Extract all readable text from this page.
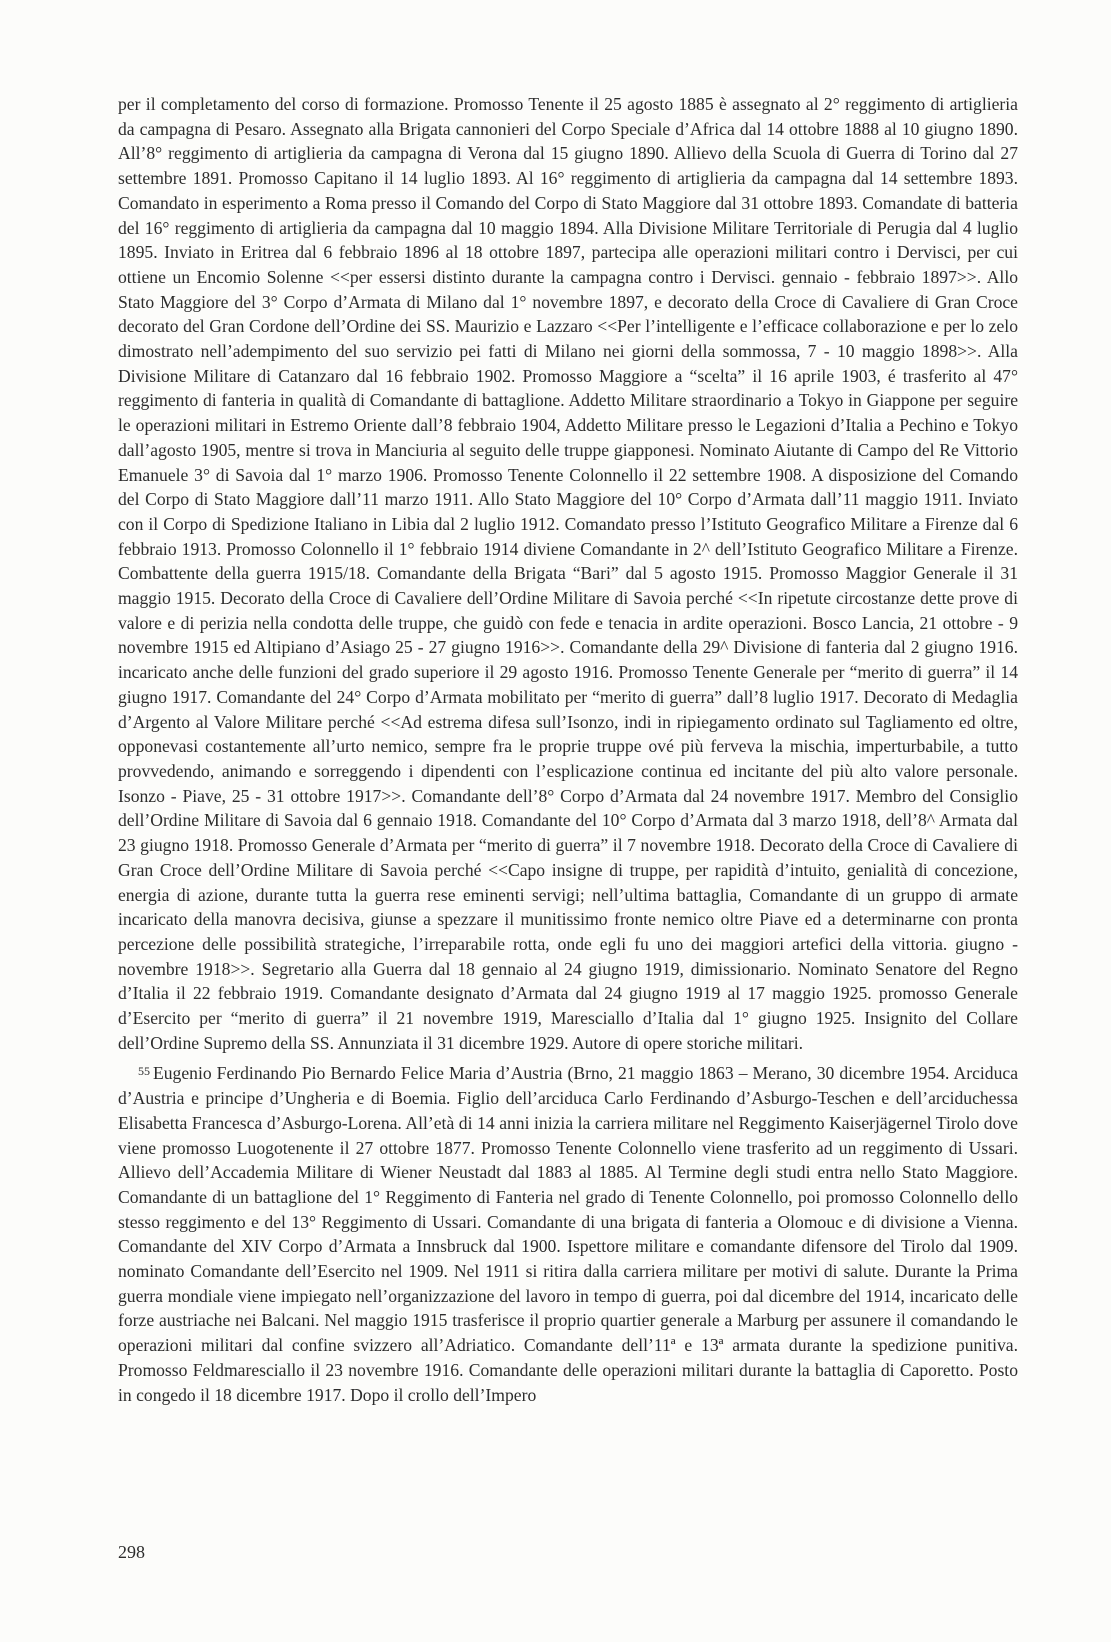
per il completamento del corso di formazione. Promosso Tenente il 25 agosto 1885 è assegnato al 2° reggimento di artiglieria da campagna di Pesaro. Assegnato alla Brigata cannonieri del Corpo Speciale d’Africa dal 14 ottobre 1888 al 10 giugno 1890. All’8° reggimento di artiglieria da campagna di Verona dal 15 giugno 1890. Allievo della Scuola di Guerra di Torino dal 27 settembre 1891. Promosso Capitano il 14 luglio 1893. Al 16° reggimento di artiglieria da campagna dal 14 settembre 1893. Comandato in esperimento a Roma presso il Comando del Corpo di Stato Maggiore dal 31 ottobre 1893. Comandate di batteria del 16° reggimento di artiglieria da campagna dal 10 maggio 1894. Alla Divisione Militare Territoriale di Perugia dal 4 luglio 1895. Inviato in Eritrea dal 6 febbraio 1896 al 18 ottobre 1897, partecipa alle operazioni militari contro i Dervisci, per cui ottiene un Encomio Solenne <<per essersi distinto durante la campagna contro i Dervisci. gennaio - febbraio 1897>>. Allo Stato Maggiore del 3° Corpo d’Armata di Milano dal 1° novembre 1897, e decorato della Croce di Cavaliere di Gran Croce decorato del Gran Cordone dell’Ordine dei SS. Maurizio e Lazzaro <<Per l’intelligente e l’efficace collaborazione e per lo zelo dimostrato nell’adempimento del suo servizio pei fatti di Milano nei giorni della sommossa, 7 - 10 maggio 1898>>. Alla Divisione Militare di Catanzaro dal 16 febbraio 1902. Promosso Maggiore a “scelta” il 16 aprile 1903, é trasferito al 47° reggimento di fanteria in qualità di Comandante di battaglione. Addetto Militare straordinario a Tokyo in Giappone per seguire le operazioni militari in Estremo Oriente dall’8 febbraio 1904, Addetto Militare presso le Legazioni d’Italia a Pechino e Tokyo dall’agosto 1905, mentre si trova in Manciuria al seguito delle truppe giapponesi. Nominato Aiutante di Campo del Re Vittorio Emanuele 3° di Savoia dal 1° marzo 1906. Promosso Tenente Colonnello il 22 settembre 1908. A disposizione del Comando del Corpo di Stato Maggiore dall’11 marzo 1911. Allo Stato Maggiore del 10° Corpo d’Armata dall’11 maggio 1911. Inviato con il Corpo di Spedizione Italiano in Libia dal 2 luglio 1912. Comandato presso l’Istituto Geografico Militare a Firenze dal 6 febbraio 1913. Promosso Colonnello il 1° febbraio 1914 diviene Comandante in 2^ dell’Istituto Geografico Militare a Firenze. Combattente della guerra 1915/18. Comandante della Brigata “Bari” dal 5 agosto 1915. Promosso Maggior Generale il 31 maggio 1915. Decorato della Croce di Cavaliere dell’Ordine Militare di Savoia perché <<In ripetute circostanze dette prove di valore e di perizia nella condotta delle truppe, che guidò con fede e tenacia in ardite operazioni. Bosco Lancia, 21 ottobre - 9 novembre 1915 ed Altipiano d’Asiago 25 - 27 giugno 1916>>. Comandante della 29^ Divisione di fanteria dal 2 giugno 1916. incaricato anche delle funzioni del grado superiore il 29 agosto 1916. Promosso Tenente Generale per “merito di guerra” il 14 giugno 1917. Comandante del 24° Corpo d’Armata mobilitato per “merito di guerra” dall’8 luglio 1917. Decorato di Medaglia d’Argento al Valore Militare perché <<Ad estrema difesa sull’Isonzo, indi in ripiegamento ordinato sul Tagliamento ed oltre, opponevasi costantemente all’urto nemico, sempre fra le proprie truppe ové più ferveva la mischia, imperturbabile, a tutto provvedendo, animando e sorreggendo i dipendenti con l’esplicazione continua ed incitante del più alto valore personale. Isonzo - Piave, 25 - 31 ottobre 1917>>. Comandante dell’8° Corpo d’Armata dal 24 novembre 1917. Membro del Consiglio dell’Ordine Militare di Savoia dal 6 gennaio 1918. Comandante del 10° Corpo d’Armata dal 3 marzo 1918, dell’8^ Armata dal 23 giugno 1918. Promosso Generale d’Armata per “merito di guerra” il 7 novembre 1918. Decorato della Croce di Cavaliere di Gran Croce dell’Ordine Militare di Savoia perché <<Capo insigne di truppe, per rapidità d’intuito, genialità di concezione, energia di azione, durante tutta la guerra rese eminenti servigi; nell’ultima battaglia, Comandante di un gruppo di armate incaricato della manovra decisiva, giunse a spezzare il munitissimo fronte nemico oltre Piave ed a determinarne con pronta percezione delle possibilità strategiche, l’irreparabile rotta, onde egli fu uno dei maggiori artefici della vittoria. giugno - novembre 1918>>. Segretario alla Guerra dal 18 gennaio al 24 giugno 1919, dimissionario. Nominato Senatore del Regno d’Italia il 22 febbraio 1919. Comandante designato d’Armata dal 24 giugno 1919 al 17 maggio 1925. promosso Generale d’Esercito per “merito di guerra” il 21 novembre 1919, Maresciallo d’Italia dal 1° giugno 1925. Insignito del Collare dell’Ordine Supremo della SS. Annunziata il 31 dicembre 1929. Autore di opere storiche militari.

$^{55}$ Eugenio Ferdinando Pio Bernardo Felice Maria d’Austria (Brno, 21 maggio 1863 – Merano, 30 dicembre 1954. Arciduca d’Austria e principe d’Ungheria e di Boemia. Figlio dell’arciduca Carlo Ferdinando d’Asburgo-Teschen e dell’arciduchessa Elisabetta Francesca d’Asburgo-Lorena. All’età di 14 anni inizia la carriera militare nel Reggimento Kaiserjägernel Tirolo dove viene promosso Luogotenente il 27 ottobre 1877. Promosso Tenente Colonnello viene trasferito ad un reggimento di Ussari. Allievo dell’Accademia Militare di Wiener Neustadt dal 1883 al 1885. Al Termine degli studi entra nello Stato Maggiore. Comandante di un battaglione del 1° Reggimento di Fanteria nel grado di Tenente Colonnello, poi promosso Colonnello dello stesso reggimento e del 13° Reggimento di Ussari. Comandante di una brigata di fanteria a Olomouc e di divisione a Vienna. Comandante del XIV Corpo d’Armata a Innsbruck dal 1900. Ispettore militare e comandante difensore del Tirolo dal 1909. nominato Comandante dell’Esercito nel 1909. Nel 1911 si ritira dalla carriera militare per motivi di salute. Durante la Prima guerra mondiale viene impiegato nell’organizzazione del lavoro in tempo di guerra, poi dal dicembre del 1914, incaricato delle forze austriache nei Balcani. Nel maggio 1915 trasferisce il proprio quartier generale a Marburg per assunere il comandando le operazioni militari dal confine svizzero all’Adriatico. Comandante dell’11ª e 13ª armata durante la spedizione punitiva. Promosso Feldmaresciallo il 23 novembre 1916. Comandante delle operazioni militari durante la battaglia di Caporetto. Posto in congedo il 18 dicembre 1917. Dopo il crollo dell’Impero

298
